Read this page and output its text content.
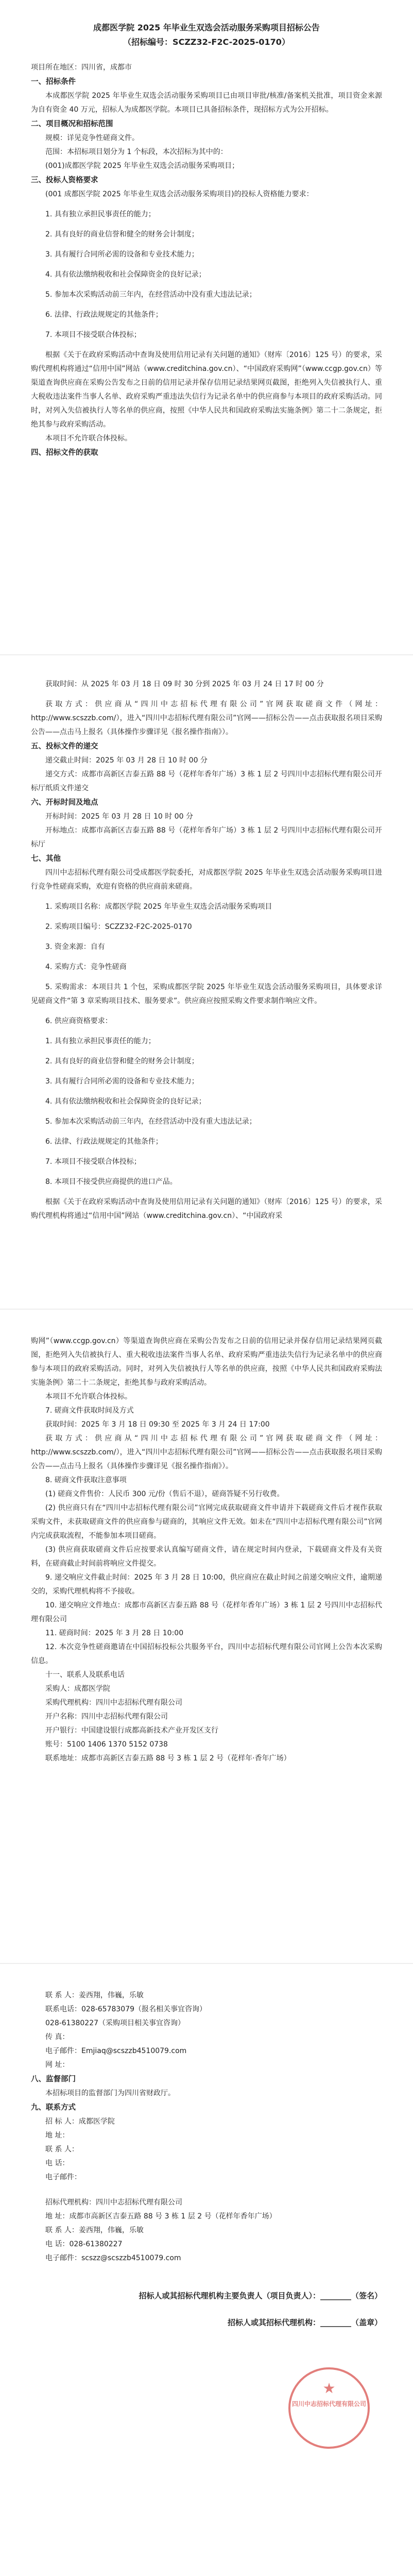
成都医学院 2025 年毕业生双选会活动服务采购项目招标公告

（招标编号：SCZZ32-F2C-2025-0170）

项目所在地区：四川省，成都市

一、招标条件

本成都医学院 2025 年毕业生双选会活动服务采购项目已由项目审批/核准/备案机关批准，项目资金来源为自有资金 40 万元，招标人为成都医学院。本项目已具备招标条件，现招标方式为公开招标。

二、项目概况和招标范围

规模：详见竞争性磋商文件。

范围：本招标项目划分为 1 个标段，本次招标为其中的：

(001)成都医学院 2025 年毕业生双选会活动服务采购项目；

三、投标人资格要求

(001 成都医学院 2025 年毕业生双选会活动服务采购项目)的投标人资格能力要求：

1. 具有独立承担民事责任的能力；

2. 具有良好的商业信誉和健全的财务会计制度；

3. 具有履行合同所必需的设备和专业技术能力；

4. 具有依法缴纳税收和社会保障资金的良好记录；

5. 参加本次采购活动前三年内，在经营活动中没有重大违法记录；

6. 法律、行政法规规定的其他条件；

7. 本项目不接受联合体投标；

根据《关于在政府采购活动中查询及使用信用记录有关问题的通知》（财库〔2016〕125 号）的要求，采购代理机构将通过“信用中国”网站（www.creditchina.gov.cn）、“中国政府采购网”（www.ccgp.gov.cn）等渠道查询供应商在采购公告发布之日前的信用记录并保存信用记录结果网页截图，拒绝列入失信被执行人、重大税收违法案件当事人名单、政府采购严重违法失信行为记录名单中的供应商参与本项目的政府采购活动。同时，对列入失信被执行人等名单的供应商，按照《中华人民共和国政府采购法实施条例》第二十二条规定，拒绝其参与政府采购活动。

本项目不允许联合体投标。

四、招标文件的获取

获取时间：从 2025 年 03 月 18 日 09 时 30 分到 2025 年 03 月 24 日 17 时 00 分

获取方式：供应商从“四川中志招标代理有限公司”官网获取磋商文件（网址：http://www.scszzb.com/），进入“四川中志招标代理有限公司”官网——招标公告——点击获取报名项目采购公告——点击马上报名（具体操作步骤详见《报名操作指南》）。

五、投标文件的递交

递交截止时间：2025 年 03 月 28 日 10 时 00 分

递交方式：成都市高新区吉泰五路 88 号（花样年香年广场）3 栋 1 层 2 号四川中志招标代理有限公司开标厅纸质文件递交

六、开标时间及地点

开标时间：2025 年 03 月 28 日 10 时 00 分

开标地点：成都市高新区吉泰五路 88 号（花样年香年广场）3 栋 1 层 2 号四川中志招标代理有限公司开标厅

七、其他

四川中志招标代理有限公司受成都医学院委托，对成都医学院 2025 年毕业生双选会活动服务采购项目进行竞争性磋商采购，欢迎有资格的供应商前来磋商。

1. 采购项目名称：成都医学院 2025 年毕业生双选会活动服务采购项目

2. 采购项目编号：SCZZ32-F2C-2025-0170

3. 资金来源：自有

4. 采购方式：竞争性磋商

5. 采购需求：本项目共 1 个包，采购成都医学院 2025 年毕业生双选会活动服务采购项目，具体要求详见磋商文件“第 3 章采购项目技术、服务要求”。供应商应按照采购文件要求制作响应文件。

6. 供应商资格要求：

1. 具有独立承担民事责任的能力；

2. 具有良好的商业信誉和健全的财务会计制度；

3. 具有履行合同所必需的设备和专业技术能力；

4. 具有依法缴纳税收和社会保障资金的良好记录；

5. 参加本次采购活动前三年内，在经营活动中没有重大违法记录；

6. 法律、行政法规规定的其他条件；

7. 本项目不接受联合体投标；

8. 本项目不接受供应商提供的进口产品。

根据《关于在政府采购活动中查询及使用信用记录有关问题的通知》（财库〔2016〕125 号）的要求，采购代理机构将通过“信用中国”网站（www.creditchina.gov.cn）、“中国政府采

购网”（www.ccgp.gov.cn）等渠道查询供应商在采购公告发布之日前的信用记录并保存信用记录结果网页截图，拒绝列入失信被执行人、重大税收违法案件当事人名单、政府采购严重违法失信行为记录名单中的供应商参与本项目的政府采购活动。同时，对列入失信被执行人等名单的供应商，按照《中华人民共和国政府采购法实施条例》第二十二条规定，拒绝其参与政府采购活动。

本项目不允许联合体投标。

7. 磋商文件获取时间及方式

获取时间：2025 年 3 月 18 日 09:30 至 2025 年 3 月 24 日 17:00

获取方式：供应商从“四川中志招标代理有限公司”官网获取磋商文件（网址：http://www.scszzb.com/），进入“四川中志招标代理有限公司”官网——招标公告——点击获取报名项目采购公告——点击马上报名（具体操作步骤详见《报名操作指南》）。

8. 磋商文件获取注意事项

(1) 磋商文件售价：人民币 300 元/份（售后不退），磋商答疑不另行收费。

(2) 供应商只有在“四川中志招标代理有限公司”官网完成获取磋商文件申请并下载磋商文件后才视作获取采购文件，未获取磋商文件的供应商参与磋商的，其响应文件无效。如未在“四川中志招标代理有限公司”官网内完成获取流程，不能参加本项目磋商。

(3) 供应商获取磋商文件后应按要求认真编写磋商文件，请在规定时间内登录，下载磋商文件及有关资料，在磋商截止时间前将响应文件提交。

9. 递交响应文件截止时间：2025 年 3 月 28 日 10:00，供应商应在截止时间之前递交响应文件，逾期递交的，采购代理机构将不予接收。

10. 递交响应文件地点：成都市高新区吉泰五路 88 号（花样年香年广场）3 栋 1 层 2 号四川中志招标代理有限公司

11. 磋商时间：2025 年 3 月 28 日 10:00

12. 本次竞争性磋商邀请在中国招标投标公共服务平台，四川中志招标代理有限公司官网上公告本次采购信息。

十一、联系人及联系电话

采购人：成都医学院

采购代理机构：四川中志招标代理有限公司

开户名称：四川中志招标代理有限公司

开户银行：中国建设银行成都高新技术产业开发区支行

账号：5100 1406 1370 5152 0738

联系地址：成都市高新区吉泰五路 88 号 3 栋 1 层 2 号（花样年·香年广场）

联 系 人：姜西翔，伟巍，乐敏

联系电话：028-65783079（报名相关事宜咨询）

028-61380227（采购项目相关事宜咨询）

传 真：

电子邮件：Emjiaq@scszzb4510079.com

网 址：

八、监督部门

本招标项目的监督部门为四川省财政厅。

九、联系方式

招 标 人：成都医学院

地 址：

联 系 人：

电 话：

电子邮件：

招标代理机构：四川中志招标代理有限公司

地 址：成都市高新区吉泰五路 88 号 3 栋 1 层 2 号（花样年香年广场）

联 系 人：姜西翔，伟巍，乐敏

电 话：028-61380227

电子邮件：scszz@scszzb4510079.com

招标人或其招标代理机构主要负责人（项目负责人）：________（签名）

招标人或其招标代理机构：________（盖章）

★
四川中志招标代理有限公司
